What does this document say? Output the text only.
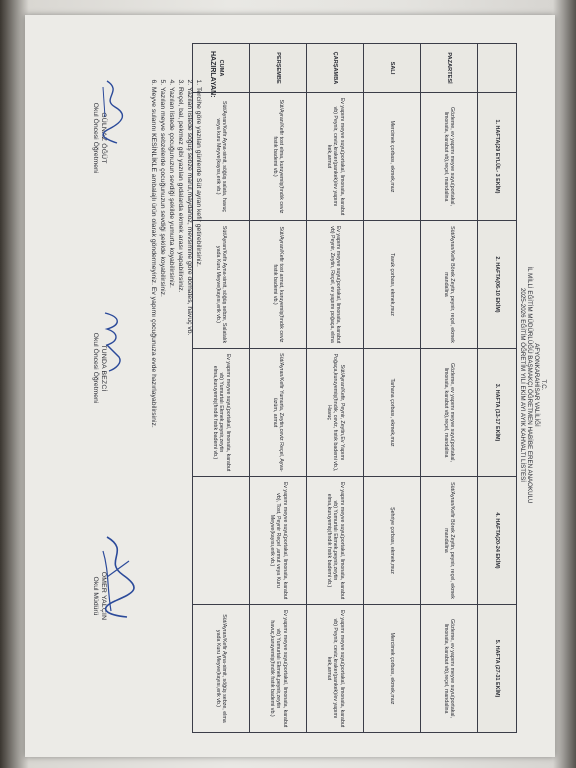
T.C.
AFYONKARAHİSAR VALİLİĞİ
İL MİLLİ EĞİTİM MÜDÜRLÜĞÜ BAŞMAKÇI ÖĞRETMEN HABİBE EREN ANAOKULU
2025-2026 EĞİTİM ÖĞRETİM YILI EKİM AYI AYIK KAHVALTI LİSTESİ
	1. HAFTA(29 EYLÜL- 3 EKİM)	2. HAFTA(06-10 EKİM)	3. HAFTA (13-17 EKİM)	4. HAFTA(20-24 EKİM)	5. HAFTA (27-31 EKİM)
PAZARTESİ	Gözleme, ev yapımı meyve suyu(portakal, limonata, karabut vb),reçel, mandalina	Süt/Ayran/Kefir Börek Zeytin, peynir, reçel, ekmek mandalina	Gözleme, ev yapımı meyve suyu(portakal, limonata, karabut vb),reçel, mandalina	Süt/Ayran/Kefir Börek Zeytin, peynir, reçel, ekmek mandalina	Gözleme, ev yapımı meyve suyu(portakal, limonata, karabut vb),reçel, mandalina
SALI	Mercimek çorbası, ekmek,muz	Tavuk çorbası, ekmek,muz	Tarhana çorbası, ekmek,muz	Şehriye çorbası, ekmek,muz	Mercimek çorbası, ekmek,muz
ÇARŞAMBA	Ev yapımı meyve suyu(portakal, limonata, karabut vb) Peynir, ceviz,kraker(pankek)/ev yapımı kek,armut	Ev yapımı meyve suyu(portakal, limonata, karabut vb) Peynir, Zeytin, Reçel, ev yapımı poğaça, elma	Süt/Ayran/Kefir, Peynir, Zeytin,Ev Yapımı Poğaça,kuruyemiş(fındık, ceviz, fıstık bademi vb.), Havuç	Ev yapımı meyve suyu(portakal, limonata, karabut vb) Yumurtalı Ekmek,peynir,zeytin elma,kuruyemiş(fındık fıstık bademi vb.)	Ev yapımı meyve suyu(portakal, limonata, karabut vb) Peynir, ceviz,kraker(pankek)/ev yapımı kek,armut
PERŞEMBE	Süt/Ayran/Kefir tost elma, kuruyemiş(fındık ceviz fıstık bademi vb.)	Süt/Ayran/Kefir tost armut, kuruyemiş(fındık ceviz fıstık bademi vb.)	Süt/Ayran/Kefir Yumurta, Zeytin,ceviz Reçel, Ayva-üzüm, armut	Ev yapımı meyve suyu(portakal, limonata, karabut vb), Tost, Peynir Reçel ,armut veya Kuru Meyve(kayısı,erik vb.)	Ev yapımı meyve suyu(portakal, limonata, karabut vb) Yumurtalı Ekmek,peynir,zeytin havuç,kuruyemiş(fındık fıstık bademi vb.)
CUMA	Süt/Ayran/Kefir Ayna-simit, söğüş salata, havuç veya kuru Meyve(kayısı,erik vb.)	Süt/Ayran/Kefir Ayna-simit, söğüş sebze, Salatalık yada Kuru Meyve(kayısı,erik vb.)	Ev yapımı meyve suyu(portakal, limonata, karabut vb) Yumurtalı Ekmek,peynir,zeytin elma,kuruyemiş(fındık fıstık bademi vb.)		Süt/Ayran/Kefir Ayna-simit, söğüş sebze, elma yada Kuru Meyve(kayısı,erik vb.)
HAZIRLAYAN:
1. Tercihe göre yazılan günlerde Süt ayran kefir getirebilirsiniz.
2. Yazılan listede söğüş sebze marul,maydanoz, mevsimine göre domates, havuç vb.
3. Reçel, bal, pekmez gibi yazılan gıdalarda ekmek arası yapabilirsiniz.
4. Yazılan listede çocuğunuzun sevdiği şekilde yumurta koyabilirsiniz.
5. Yazılan meyve sebzelerde çocuğunuzun sevdiği şekilde koyabilirsiniz.
6. Meyve sularını KESİNLİKLE ambalajlı ürün olarak göndermeyiniz. Ev yapımı çocuğunuza evde hazırlayabilirsiniz.
GÜLNAZ ÖĞÜT
Okul Öncesi Öğretmeni
TUNDA BEZCİ
Okul Öncesi Öğretmeni
ÖMER YALÇIN
Okul Müdürü
